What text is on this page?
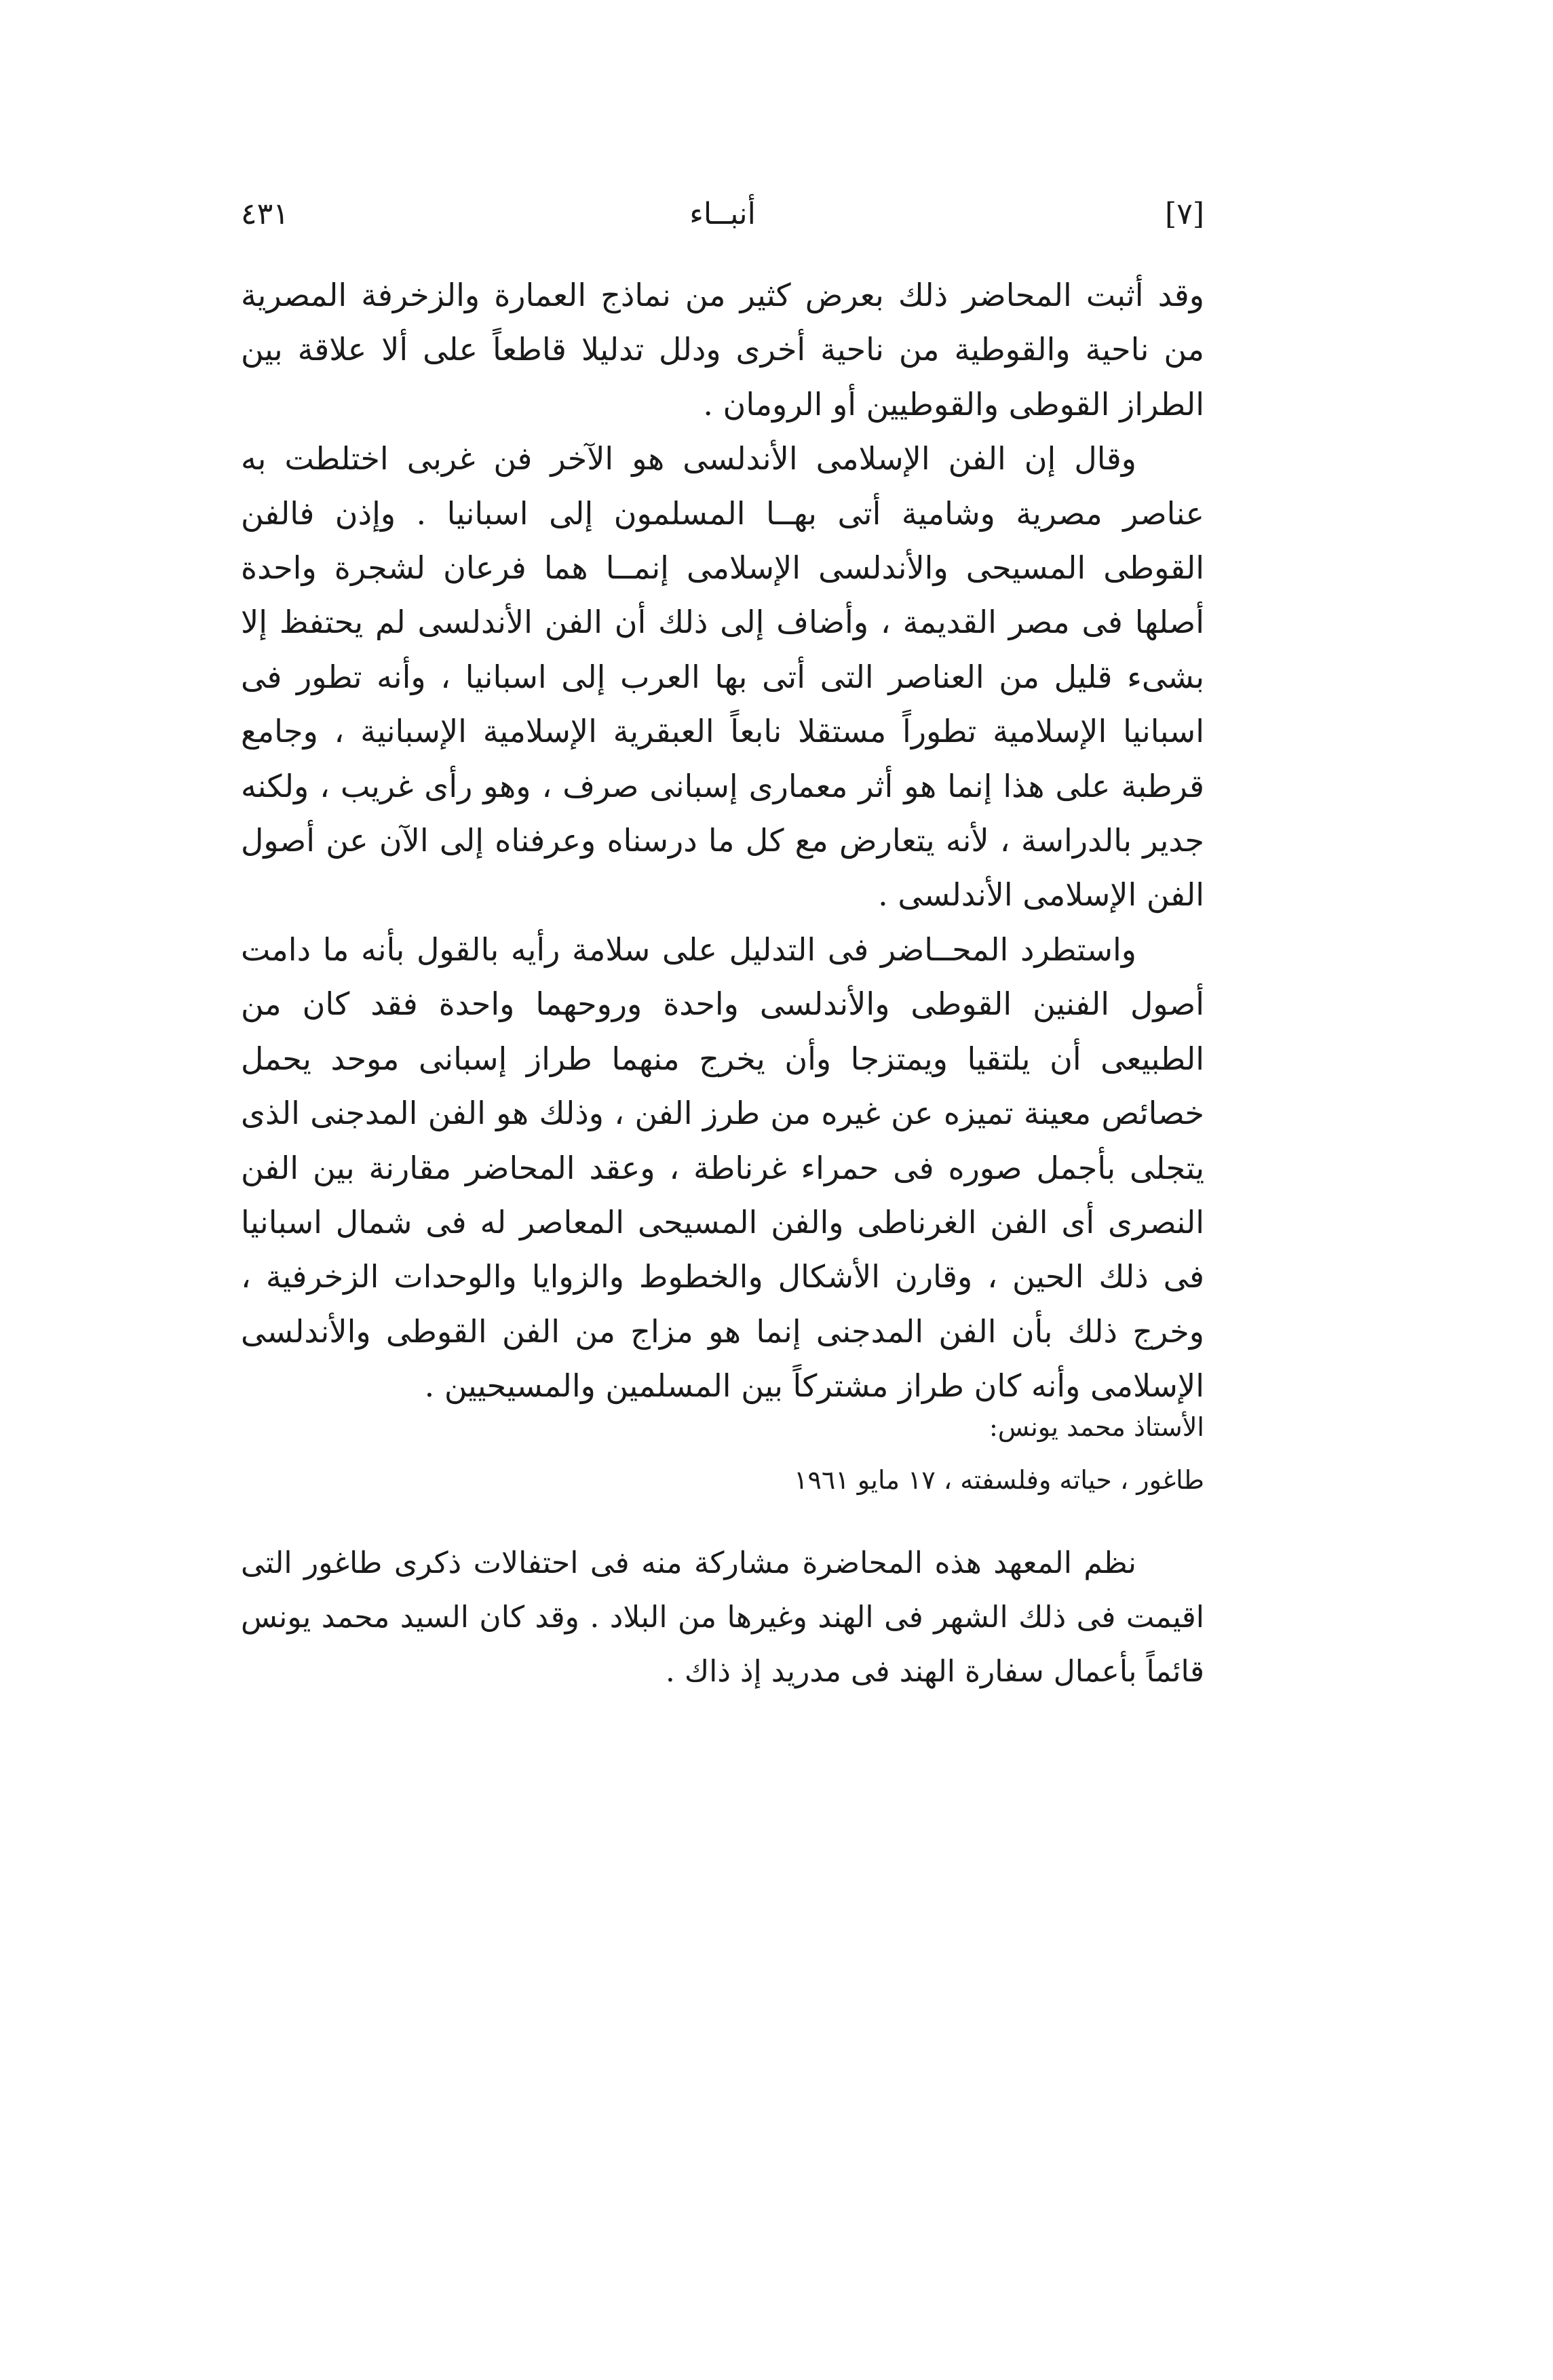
٤٣١	أنبــاء	[٧]

وقد أثبت المحاضر ذلك بعرض كثير من نماذج العمارة والزخرفة المصرية من ناحية والقوطية من ناحية أخرى ودلل تدليلا قاطعاً على ألا علاقة بين الطراز القوطى والقوطيين أو الرومان .

وقال إن الفن الإسلامى الأندلسى هو الآخر فن غربى اختلطت به عناصر مصرية وشامية أتى بهــا المسلمون إلى اسبانيا . وإذن فالفن القوطى المسيحى والأندلسى الإسلامى إنمــا هما فرعان لشجرة واحدة أصلها فى مصر القديمة ، وأضاف إلى ذلك أن الفن الأندلسى لم يحتفظ إلا بشىء قليل من العناصر التى أتى بها العرب إلى اسبانيا ، وأنه تطور فى اسبانيا الإسلامية تطوراً مستقلا نابعاً العبقرية الإسلامية الإسبانية ، وجامع قرطبة على هذا إنما هو أثر معمارى إسبانى صرف ، وهو رأى غريب ، ولكنه جدير بالدراسة ، لأنه يتعارض مع كل ما درسناه وعرفناه إلى الآن عن أصول الفن الإسلامى الأندلسى .

واستطرد المحــاضر فى التدليل على سلامة رأيه بالقول بأنه ما دامت أصول الفنين القوطى والأندلسى واحدة وروحهما واحدة فقد كان من الطبيعى أن يلتقيا ويمتزجا وأن يخرج منهما طراز إسبانى موحد يحمل خصائص معينة تميزه عن غيره من طرز الفن ، وذلك هو الفن المدجنى الذى يتجلى بأجمل صوره فى حمراء غرناطة ، وعقد المحاضر مقارنة بين الفن النصرى أى الفن الغرناطى والفن المسيحى المعاصر له فى شمال اسبانيا فى ذلك الحين ، وقارن الأشكال والخطوط والزوايا والوحدات الزخرفية ، وخرج ذلك بأن الفن المدجنى إنما هو مزاج من الفن القوطى والأندلسى الإسلامى وأنه كان طراز مشتركاً بين المسلمين والمسيحيين .

الأستاذ محمد يونس:

طاغور ، حياته وفلسفته ، ١٧ مايو ١٩٦١

نظم المعهد هذه المحاضرة مشاركة منه فى احتفالات ذكرى طاغور التى اقيمت فى ذلك الشهر فى الهند وغيرها من البلاد . وقد كان السيد محمد يونس قائماً بأعمال سفارة الهند فى مدريد إذ ذاك .
